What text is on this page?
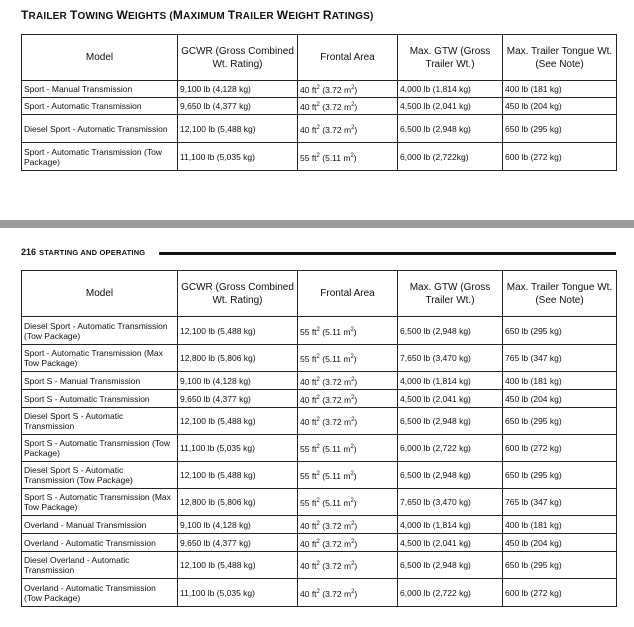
TRAILER TOWING WEIGHTS (MAXIMUM TRAILER WEIGHT RATINGS)
Model	GCWR (Gross Combined Wt. Rating)	Frontal Area	Max. GTW (Gross Trailer Wt.)	Max. Trailer Tongue Wt. (See Note)
Sport - Manual Transmission	9,100 lb (4,128 kg)	40 $ft^2$ (3.72 $m^2$)	4,000 lb (1,814 kg)	400 lb (181 kg)
Sport - Automatic Transmission	9,650 lb (4,377 kg)	40 $ft^2$ (3.72 $m^2$)	4,500 lb (2,041 kg)	450 lb (204 kg)
Diesel Sport - Automatic Transmission	12,100 lb (5,488 kg)	40 $ft^2$ (3.72 $m^2$)	6,500 lb (2,948 kg)	650 lb (295 kg)
Sport - Automatic Transmission (Tow Package)	11,100 lb (5,035 kg)	55 $ft^2$ (5.11 $m^2$)	6,000 lb (2,722kg)	600 lb (272 kg)
216 STARTING AND OPERATING
Model	GCWR (Gross Combined Wt. Rating)	Frontal Area	Max. GTW (Gross Trailer Wt.)	Max. Trailer Tongue Wt. (See Note)
Diesel Sport - Automatic Transmission (Tow Package)	12,100 lb (5,488 kg)	55 $ft^2$ (5.11 $m^2$)	6,500 lb (2,948 kg)	650 lb (295 kg)
Sport - Automatic Transmission (Max Tow Package)	12,800 lb (5,806 kg)	55 $ft^2$ (5.11 $m^2$)	7,650 lb (3,470 kg)	765 lb (347 kg)
Sport S - Manual Transmission	9,100 lb (4,128 kg)	40 $ft^2$ (3.72 $m^2$)	4,000 lb (1,814 kg)	400 lb (181 kg)
Sport S - Automatic Transmission	9,650 lb (4,377 kg)	40 $ft^2$ (3.72 $m^2$)	4,500 lb (2,041 kg)	450 lb (204 kg)
Diesel Sport S - Automatic Transmission	12,100 lb (5,488 kg)	40 $ft^2$ (3.72 $m^2$)	6,500 lb (2,948 kg)	650 lb (295 kg)
Sport S - Automatic Transmission (Tow Package)	11,100 lb (5,035 kg)	55 $ft^2$ (5.11 $m^2$)	6,000 lb (2,722 kg)	600 lb (272 kg)
Diesel Sport S - Automatic Transmission (Tow Package)	12,100 lb (5,488 kg)	55 $ft^2$ (5.11 $m^2$)	6,500 lb (2,948 kg)	650 lb (295 kg)
Sport S - Automatic Transmission (Max Tow Package)	12,800 lb (5,806 kg)	55 $ft^2$ (5.11 $m^2$)	7,650 lb (3,470 kg)	765 lb (347 kg)
Overland - Manual Transmission	9,100 lb (4,128 kg)	40 $ft^2$ (3.72 $m^2$)	4,000 lb (1,814 kg)	400 lb (181 kg)
Overland - Automatic Transmission	9,650 lb (4,377 kg)	40 $ft^2$ (3.72 $m^2$)	4,500 lb (2,041 kg)	450 lb (204 kg)
Diesel Overland - Automatic Transmission	12,100 lb (5,488 kg)	40 $ft^2$ (3.72 $m^2$)	6,500 lb (2,948 kg)	650 lb (295 kg)
Overland - Automatic Transmission (Tow Package)	11,100 lb (5,035 kg)	40 $ft^2$ (3.72 $m^2$)	6,000 lb (2,722 kg)	600 lb (272 kg)
